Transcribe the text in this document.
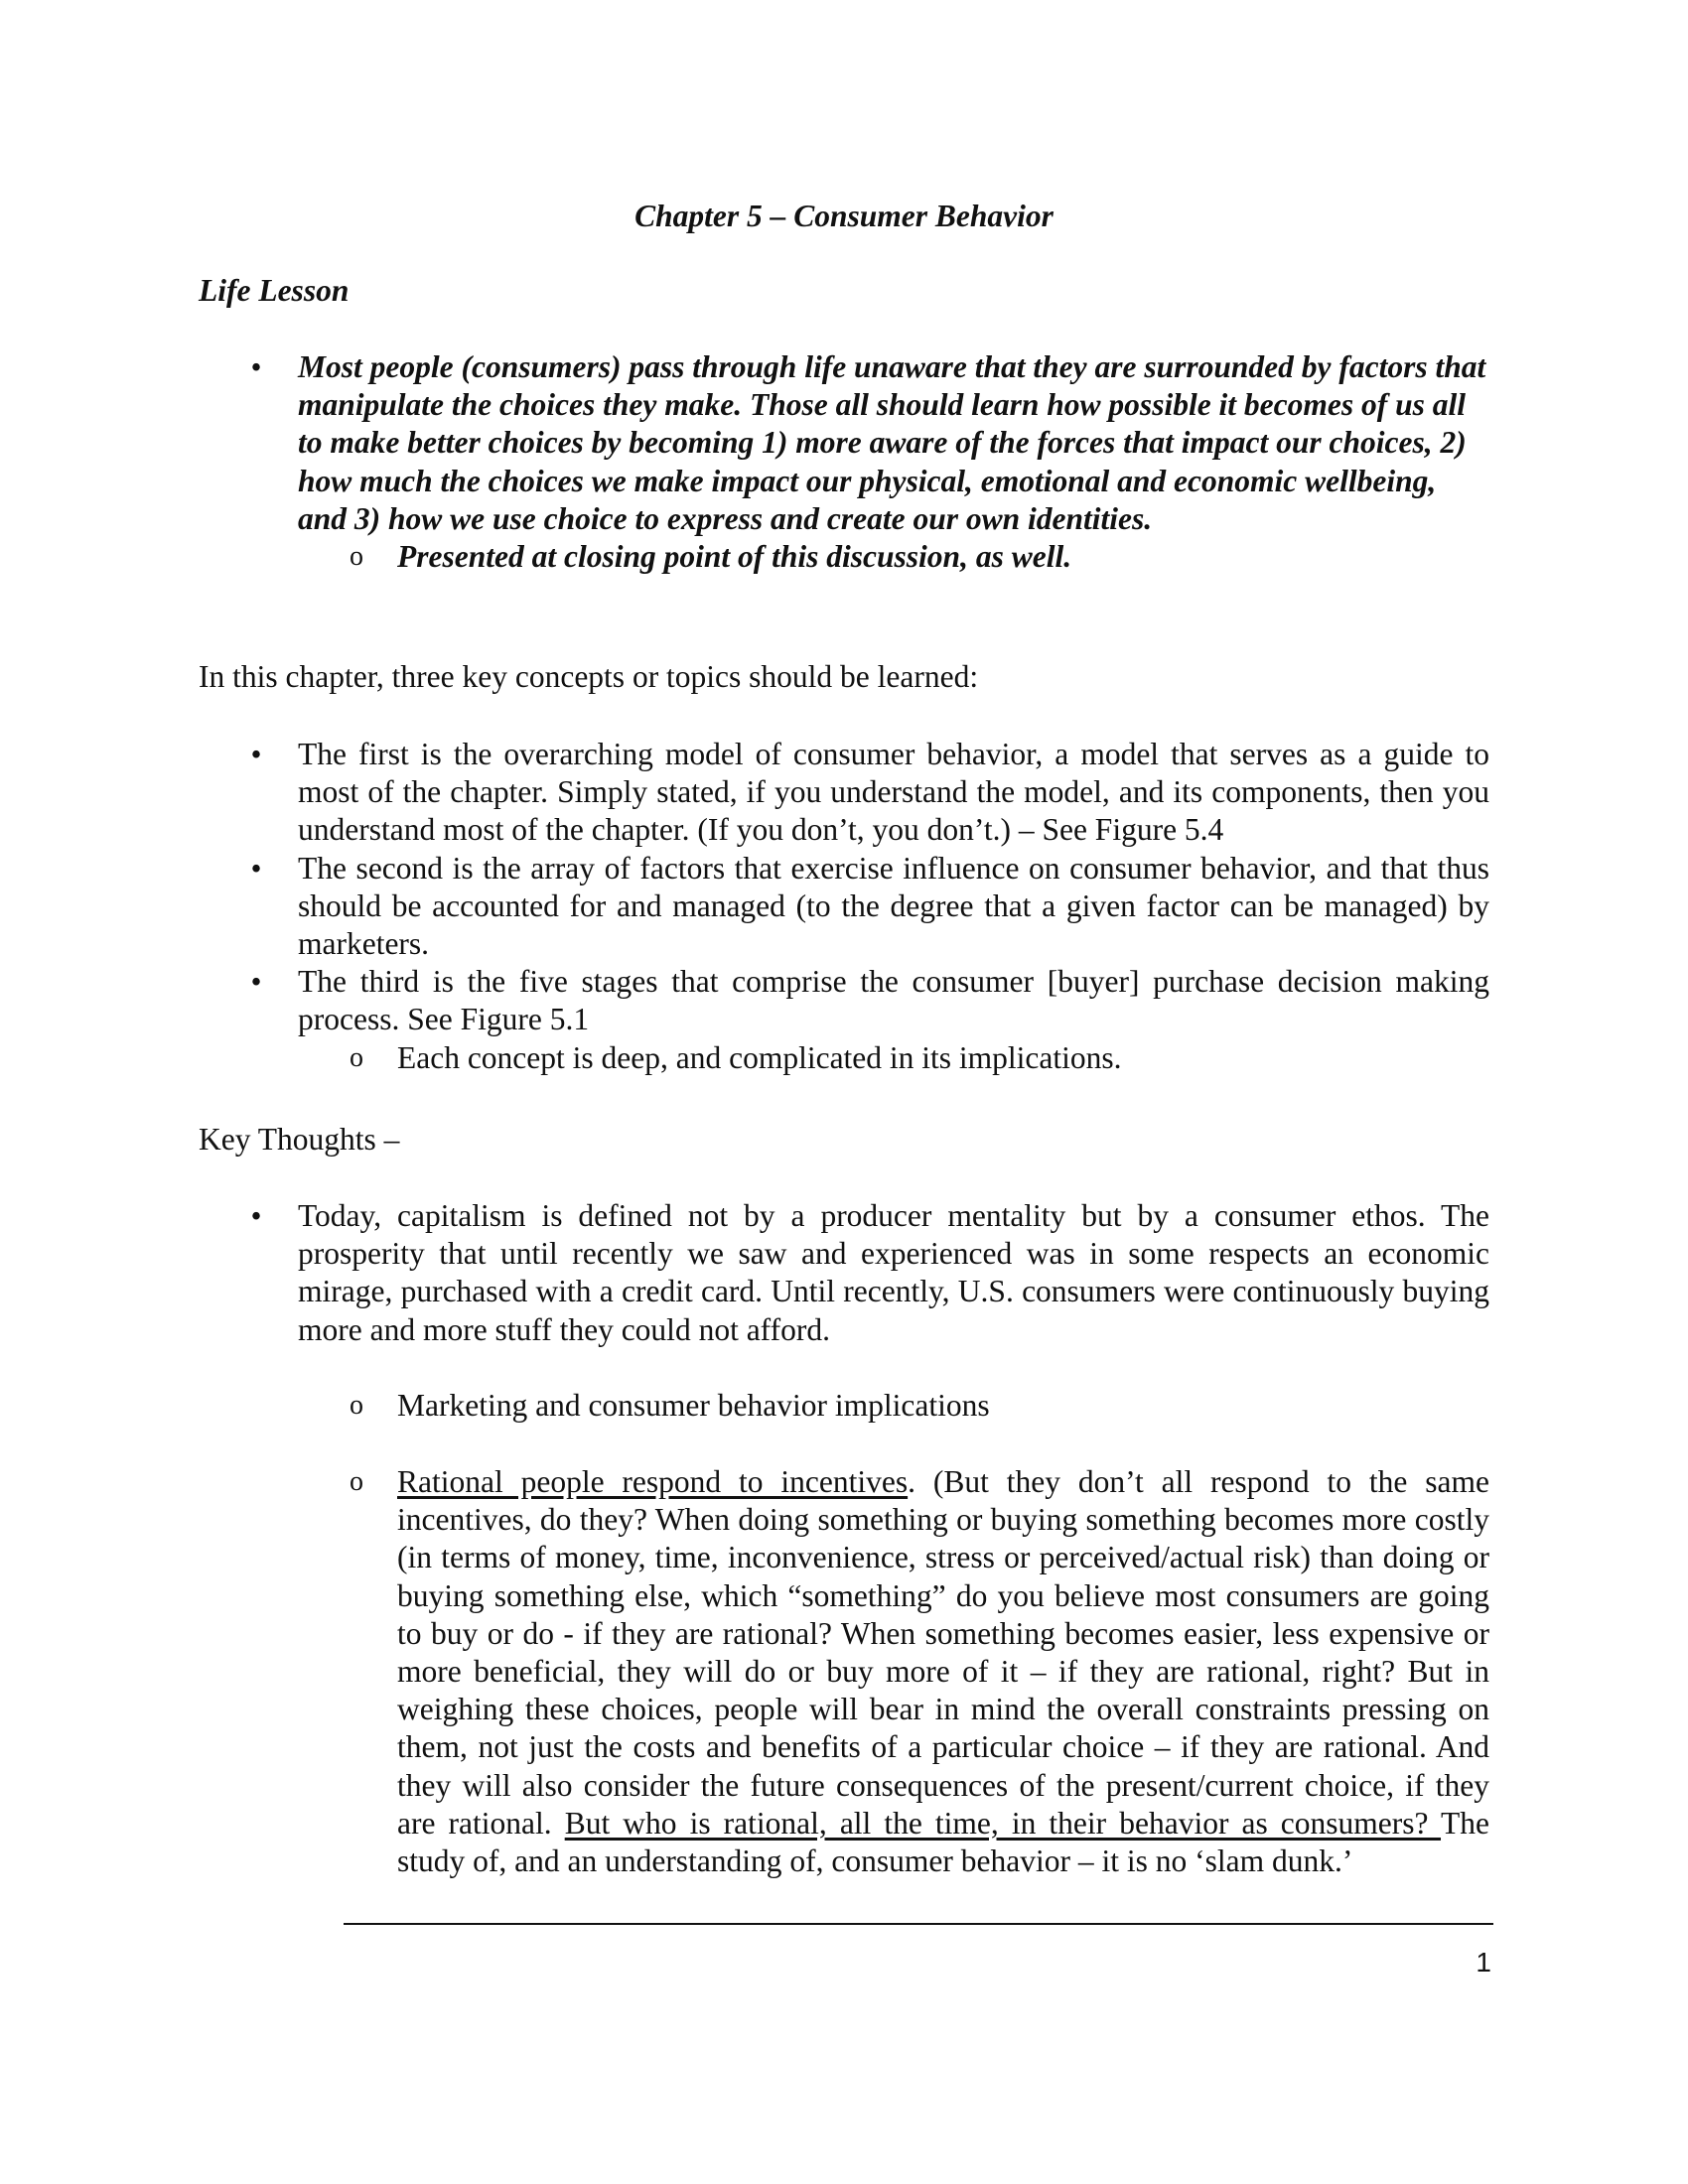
Chapter 5 – Consumer Behavior
Life Lesson
• Most people (consumers) pass through life unaware that they are surrounded by factors that manipulate the choices they make. Those all should learn how possible it becomes of us all to make better choices by becoming 1) more aware of the forces that impact our choices, 2) how much the choices we make impact our physical, emotional and economic wellbeing, and 3) how we use choice to express and create our own identities.
o Presented at closing point of this discussion, as well.
In this chapter, three key concepts or topics should be learned:
• The first is the overarching model of consumer behavior, a model that serves as a guide to most of the chapter. Simply stated, if you understand the model, and its components, then you understand most of the chapter. (If you don’t, you don’t.) – See Figure 5.4
• The second is the array of factors that exercise influence on consumer behavior, and that thus should be accounted for and managed (to the degree that a given factor can be managed) by marketers.
• The third is the five stages that comprise the consumer [buyer] purchase decision making process. See Figure 5.1
o Each concept is deep, and complicated in its implications.
Key Thoughts –
• Today, capitalism is defined not by a producer mentality but by a consumer ethos. The prosperity that until recently we saw and experienced was in some respects an economic mirage, purchased with a credit card. Until recently, U.S. consumers were continuously buying more and more stuff they could not afford.
o Marketing and consumer behavior implications
o Rational people respond to incentives. (But they don’t all respond to the same incentives, do they? When doing something or buying something becomes more costly (in terms of money, time, inconvenience, stress or perceived/actual risk) than doing or buying something else, which “something” do you believe most consumers are going to buy or do - if they are rational? When something becomes easier, less expensive or more beneficial, they will do or buy more of it – if they are rational, right? But in weighing these choices, people will bear in mind the overall constraints pressing on them, not just the costs and benefits of a particular choice – if they are rational. And they will also consider the future consequences of the present/current choice, if they are rational. But who is rational, all the time, in their behavior as consumers? The study of, and an understanding of, consumer behavior – it is no ‘slam dunk.’
1
